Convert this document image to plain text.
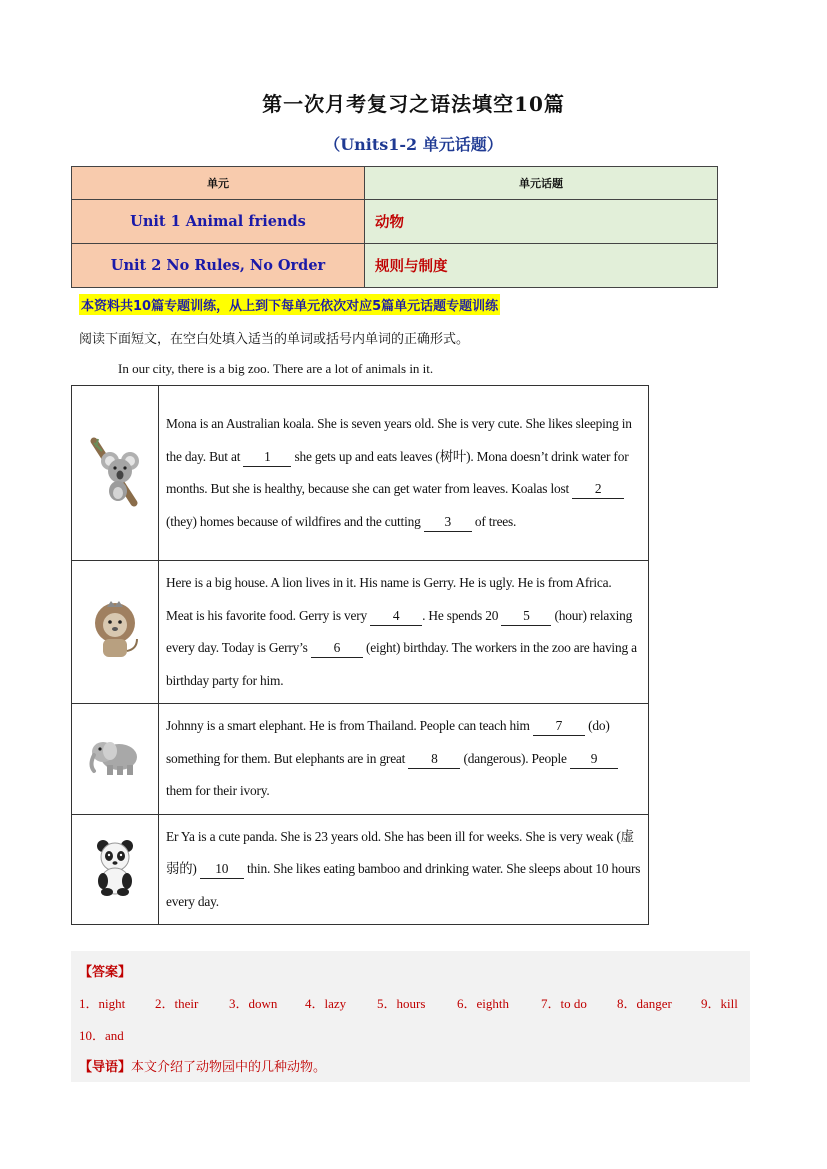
第一次月考复习之语法填空10篇
（Units1-2 单元话题）
单元	单元话题
Unit 1 Animal friends	动物
Unit 2 No Rules, No Order	规则与制度
本资料共10篇专题训练，从上到下每单元依次对应5篇单元话题专题训练
阅读下面短文，在空白处填入适当的单词或括号内单词的正确形式。
In our city, there is a big zoo. There are a lot of animals in it.
	Mona is an Australian koala. She is seven years old. She is very cute. She likes sleeping in the day. But at 1 she gets up and eats leaves (树叶). Mona doesn’t drink water for months. But she is healthy, because she can get water from leaves. Koalas lost 2 (they) homes because of wildfires and the cutting 3 of trees.
	Here is a big house. A lion lives in it. His name is Gerry. He is ugly. He is from Africa. Meat is his favorite food. Gerry is very 4 . He spends 20 5 (hour) relaxing every day. Today is Gerry’s 6 (eight) birthday. The workers in the zoo are having a birthday party for him.
	Johnny is a smart elephant. He is from Thailand. People can teach him 7 (do) something for them. But elephants are in great 8 (dangerous). People 9 them for their ivory.
	Er Ya is a cute panda. She is 23 years old. She has been ill for weeks. She is very weak (虚弱的) 10 thin. She likes eating bamboo and drinking water. She sleeps about 10 hours every day.
【答案】
1．night 2．their 3．down 4．lazy 5．hours 6．eighth 7．to do 8．danger 9．kill
10．and
【导语】本文介绍了动物园中的几种动物。
